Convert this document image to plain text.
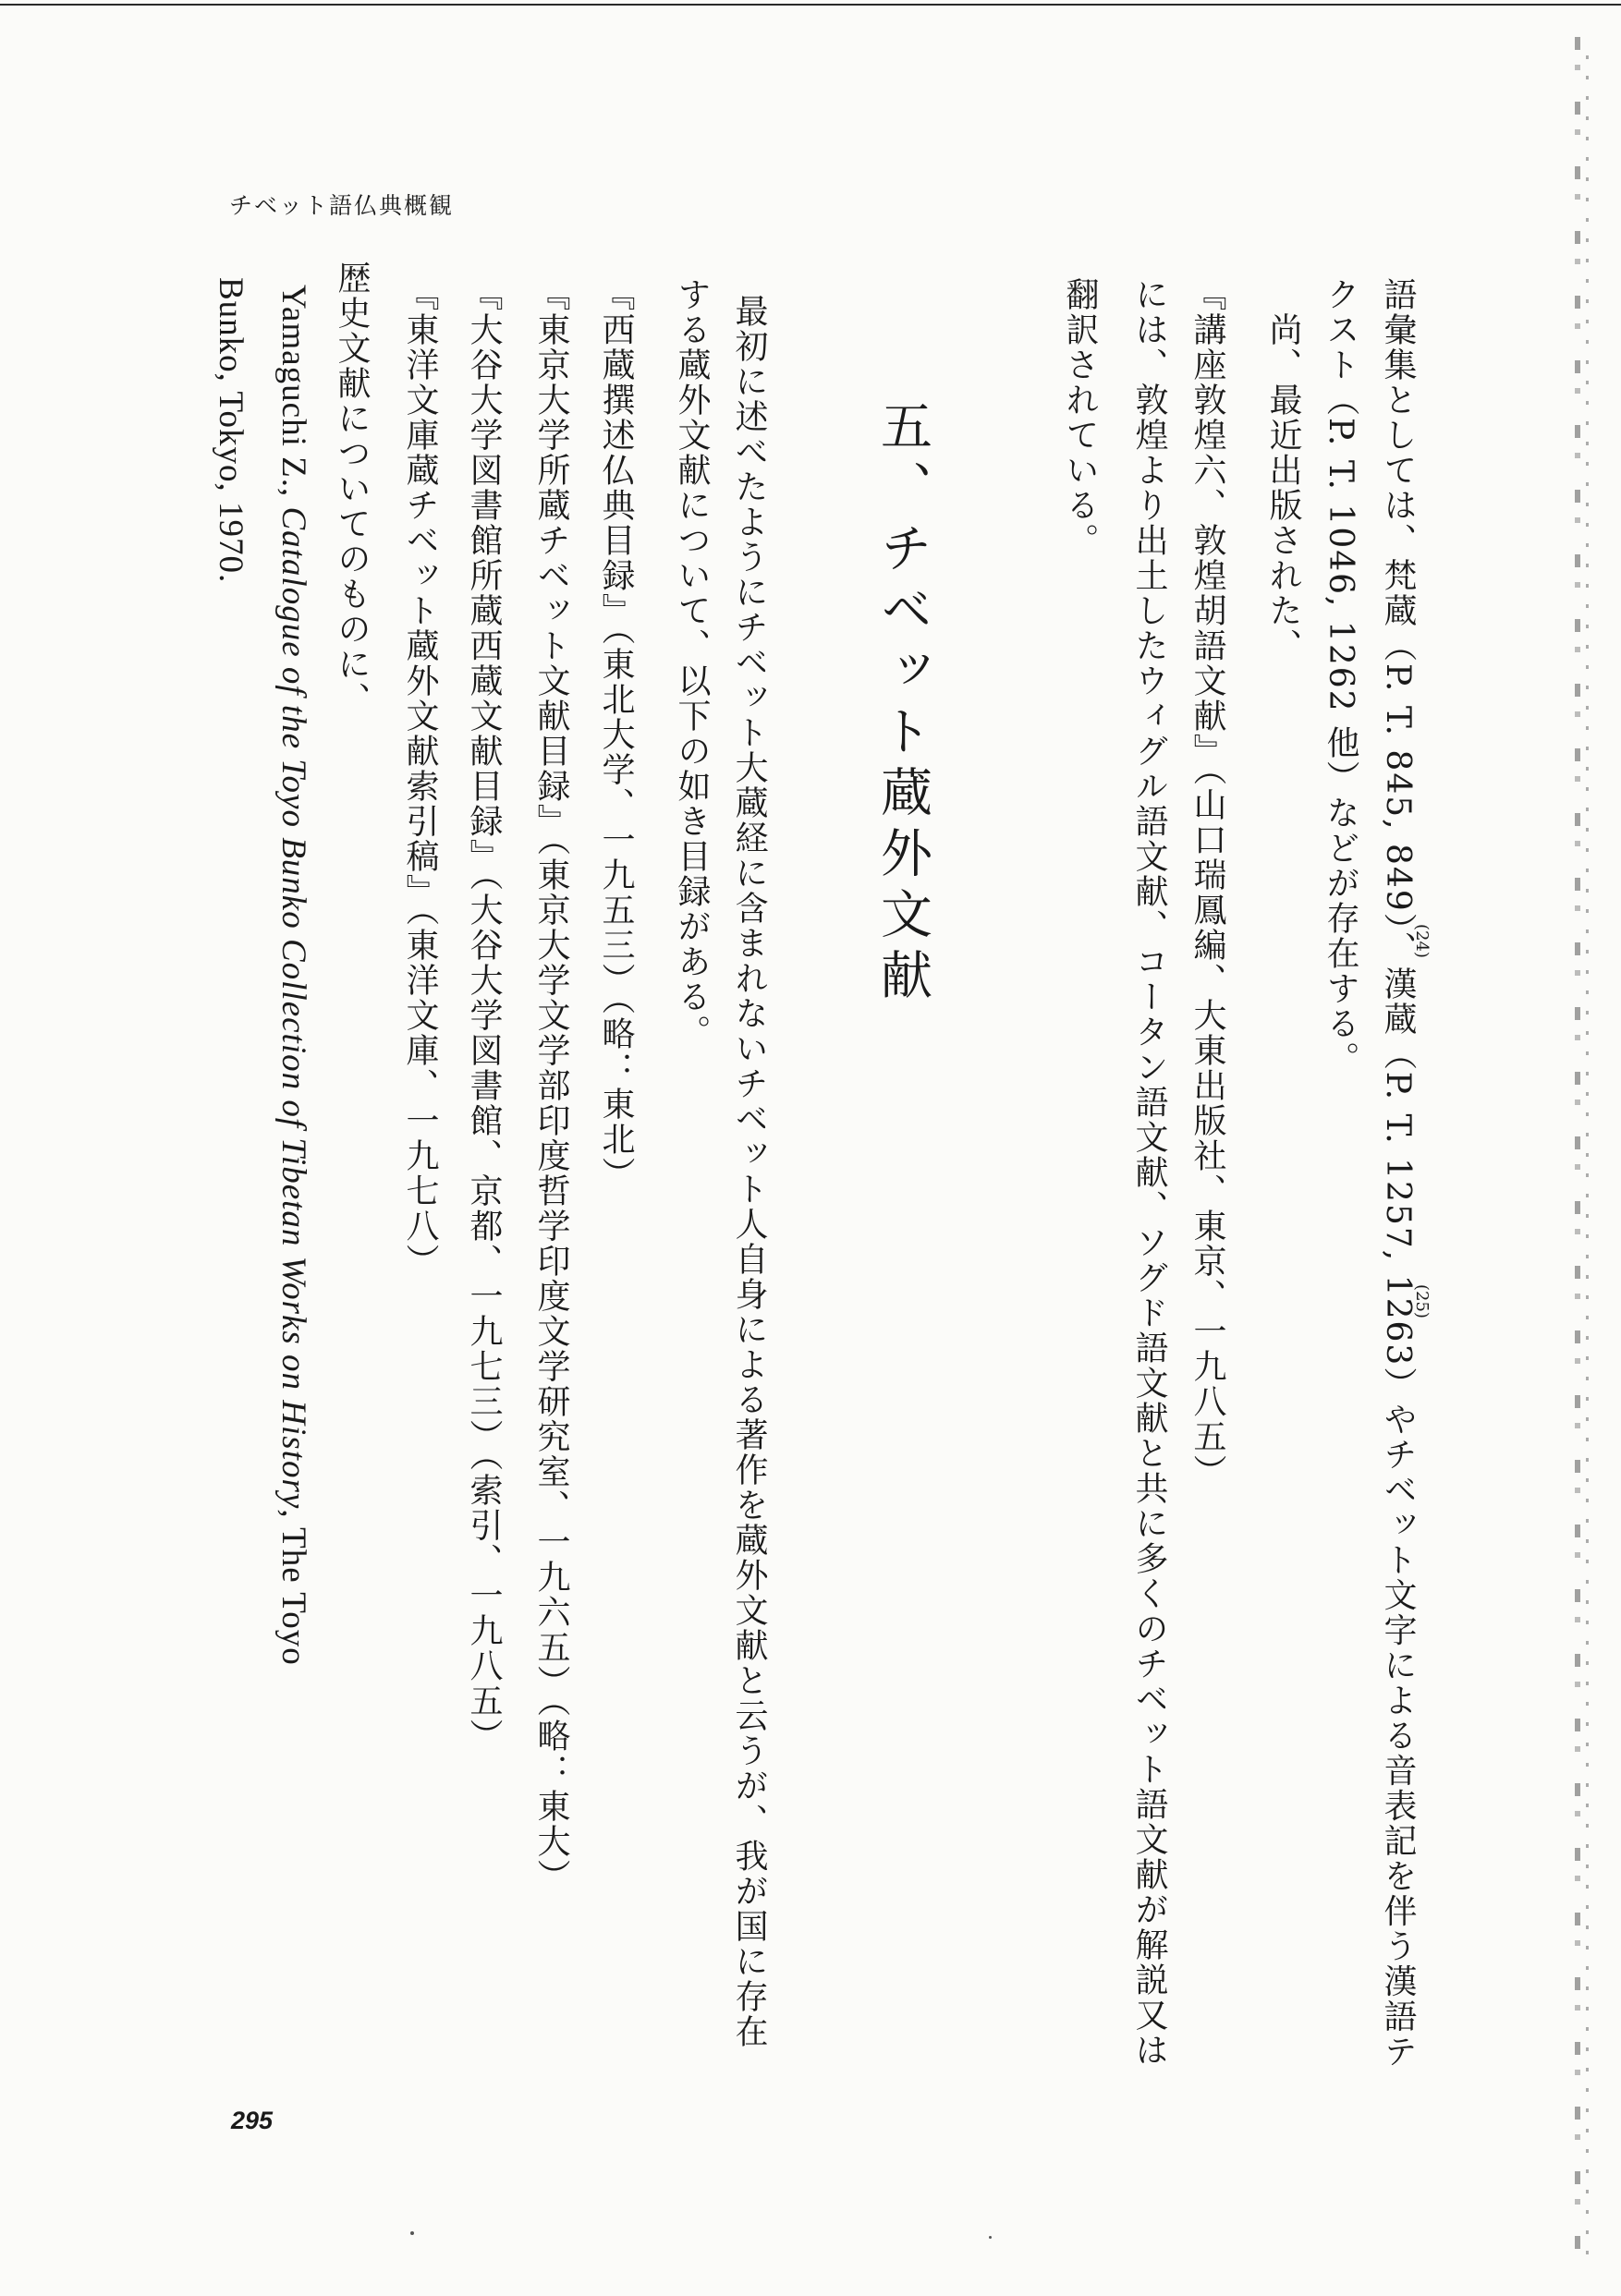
チベット語仏典概観
語彙集としては、梵蔵（P. T. 845, 849）、漢蔵（P. T. 1257, 1263）やチベット文字による音表記を伴う漢語テ
(24)
(25)
クスト（P. T. 1046, 1262 他）などが存在する。
尚、最近出版された、
『講座敦煌六、敦煌胡語文献』（山口瑞鳳編、大東出版社、東京、一九八五）
には、敦煌より出土したウィグル語文献、コータン語文献、ソグド語文献と共に多くのチベット語文献が解説又は
翻訳されている。
五、チベット蔵外文献
最初に述べたようにチベット大蔵経に含まれないチベット人自身による著作を蔵外文献と云うが、我が国に存在
する蔵外文献について、以下の如き目録がある。
『西蔵撰述仏典目録』（東北大学、一九五三）（略：東北）
『東京大学所蔵チベット文献目録』（東京大学文学部印度哲学印度文学研究室、一九六五）（略：東大）
『大谷大学図書館所蔵西蔵文献目録』（大谷大学図書館、京都、一九七三）（索引、一九八五）
『東洋文庫蔵チベット蔵外文献索引稿』（東洋文庫、一九七八）
歴史文献についてのものに、
Yamaguchi Z., Catalogue of the Toyo Bunko Collection of Tibetan Works on History, The Toyo
Bunko, Tokyo, 1970.
295
